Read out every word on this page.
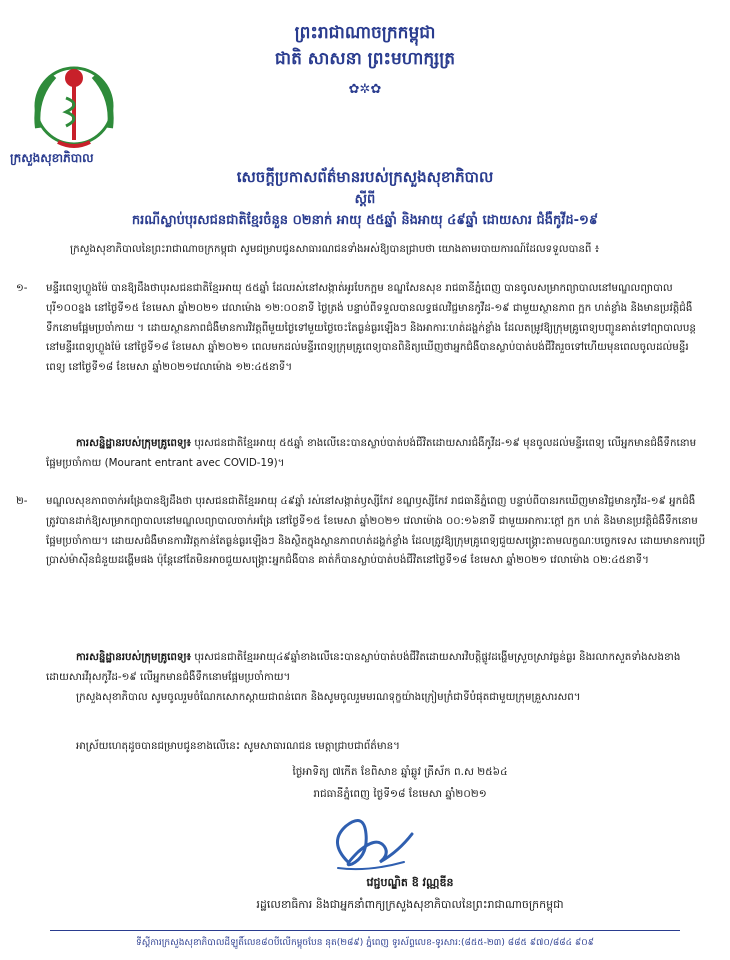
ក្រសួងសុខាភិបាល
ព្រះរាជាណាចក្រកម្ពុជា
ជាតិ សាសនា ព្រះមហាក្សត្រ
✿✲✿
សេចក្តីប្រកាសព័ត៌មានរបស់ក្រសួងសុខាភិបាល
ស្តីពី
ករណីស្លាប់បុរសជនជាតិខ្មែរចំនួន ០២នាក់ អាយុ ៥៥ឆ្នាំ និងអាយុ ៤៩ឆ្នាំ ដោយសារ ជំងឺកូវីដ-១៩

ក្រសួងសុខាភិបាលនៃព្រះរាជាណាចក្រកម្ពុជា សូមជម្រាបជូនសាធារណជនទាំងអស់ឱ្យបានជ្រាបថា យោងតាមរបាយការណ៍ដែលទទួលបានពី ៖

១-	មន្ទីរពេទ្យហ្លួងម៉ែ បានឱ្យដឹងថាបុរសជនជាតិខ្មែរអាយុ ៥៥ឆ្នាំ ដែលរស់នៅសង្កាត់អូរបែកក្អម ខណ្ឌសែនសុខ រាជធានីភ្នំពេញ បានចូលសម្រាកព្យាបាលនៅមណ្ឌលព្យាបាលបុរី១០០ខ្នង នៅថ្ងៃទី១៥ ខែមេសា ឆ្នាំ២០២១ វេលាម៉ោង ១២:០០នាទី ថ្ងៃត្រង់ បន្ទាប់ពីទទួលបានលទ្ធផលវិជ្ជមានកូវីដ-១៩ ជាមួយស្ថានភាព ក្អក ហត់ខ្លាំង និងមានប្រវត្តិជំងឺទឹកនោមផ្អែមប្រចាំកាយ ។ ដោយស្ថានភាពជំងឺមានការវិវត្តពីមួយថ្ងៃទៅមួយថ្ងៃចេះតែធ្ងន់ធ្ងរឡើងៗ និងអាការៈហត់ដង្ហក់ខ្លាំង ដែលតម្រូវឱ្យក្រុមគ្រូពេទ្យបញ្ជូនគាត់ទៅព្យាបាលបន្តនៅមន្ទីរពេទ្យហ្លួងម៉ែ នៅថ្ងៃទី១៨ ខែមេសា ឆ្នាំ២០២១ ពេលមកដល់មន្ទីរពេទ្យក្រុមគ្រូពេទ្យបានពិនិត្យឃើញថាអ្នកជំងឺបានស្លាប់បាត់បង់ជីវិតរួចទៅហើយមុនពេលចូលដល់មន្ទីរពេទ្យ នៅថ្ងៃទី១៨ ខែមេសា ឆ្នាំ២០២១វេលាម៉ោង ១២:៤៥នាទី។
ការសន្និដ្ឋានរបស់ក្រុមគ្រូពេទ្យ៖ បុរសជនជាតិខ្មែរអាយុ ៥៥ឆ្នាំ ខាងលើនេះបានស្លាប់បាត់បង់ជីវិតដោយសារជំងឺកូវីដ-១៩ មុនចូលដល់មន្ទីរពេទ្យ លើអ្នកមានជំងឺទឹកនោមផ្អែមប្រចាំកាយ (Mourant entrant avec COVID-19)។
២-	មណ្ឌលសុខភាពចាក់អង្រែបានឱ្យដឹងថា បុរសជនជាតិខ្មែរអាយុ ៤៩ឆ្នាំ រស់នៅសង្កាត់ឫស្សីកែវ ខណ្ឌឫស្សីកែវ រាជធានីភ្នំពេញ បន្ទាប់ពីបានរកឃើញមានវិជ្ជមានកូវីដ-១៩ អ្នកជំងឺត្រូវបានដាក់ឱ្យសម្រាកព្យាបាលនៅមណ្ឌលព្យាបាលចាក់អង្រែ នៅថ្ងៃទី១៥ ខែមេសា ឆ្នាំ២០២១ វេលាម៉ោង ០០:១៦នាទី ជាមួយអាការៈក្តៅ ក្អក ហត់ និងមានប្រវត្តិជំងឺទឹកនោមផ្អែមប្រចាំកាយ។ ដោយសជំងឺមានការវិវត្តកាន់តែធ្ងន់ធ្ងរឡើងៗ និងស្ថិតក្នុងស្ថានភាពហត់ដង្ហក់ខ្លាំង ដែលត្រូវឱ្យក្រុមគ្រូពេទ្យជួយសង្គ្រោះតាមលក្ខណៈបច្ចេកទេស ដោយមានការប្រើប្រាស់ម៉ាស៊ីនជំនួយដង្ហើមផង ប៉ុន្តែនៅតែមិនអាចជួយសង្គ្រោះអ្នកជំងឺបាន គាត់ក៏បានស្លាប់បាត់បង់ជីវិតនៅថ្ងៃទី១៨ ខែមេសា ឆ្នាំ២០២១ វេលាម៉ោង ០២:៤៥នាទី។
ការសន្និដ្ឋានរបស់ក្រុមគ្រូពេទ្យ៖ បុរសជនជាតិខ្មែរអាយុ៤៩ឆ្នាំខាងលើនេះបានស្លាប់បាត់បង់ជីវិតដោយសារវិបត្តិផ្លូវដង្ហើមស្រួចស្រាវធ្ងន់ធ្ងរ និងរលាកសួតទាំងសងខាងដោយសារវីរុសកូវីដ-១៩ លើអ្នកមានជំងឺទឹកនោមផ្អែមប្រចាំកាយ។
ក្រសួងសុខាភិបាល សូមចូលរួមចំណែកសោកស្តាយជាពន់ពេក និងសូមចូលរួមមរណទុក្ខយ៉ាងក្រៀមក្រំជាទីបំផុតជាមួយក្រុមគ្រួសារសព។
អាស្រ័យហេតុដូចបានជម្រាបជូនខាងលើនេះ សូមសាធារណជន មេត្តាជ្រាបជាព័ត៌មាន។
ថ្ងៃអាទិត្យ ៧កើត ខែពិសាខ ឆ្នាំឆ្លូវ ត្រីស័ក ព.ស ២៥៦៤
រាជធានីភ្នំពេញ ថ្ងៃទី១៨ ខែមេសា ឆ្នាំ២០២១
វេជ្ជបណ្ឌិត ឱ វណ្ណឌីន
រដ្ឋលេខាធិការ និងជាអ្នកនាំពាក្យក្រសួងសុខាភិបាលនៃព្រះរាជាណាចក្រកម្ពុជា
ទីស្តីការក្រសួងសុខាភិបាលដីឡូតិ៍លេខ៨០បីលើកម្ពុចបែន នុត(២៨៩) ភ្នំពេញ ទូរស័ព្ទលេខ-ទូរសារ:(៨៥៥-២៣) ៨៨៥ ៩៧០/៨៨៤ ៩០៩
